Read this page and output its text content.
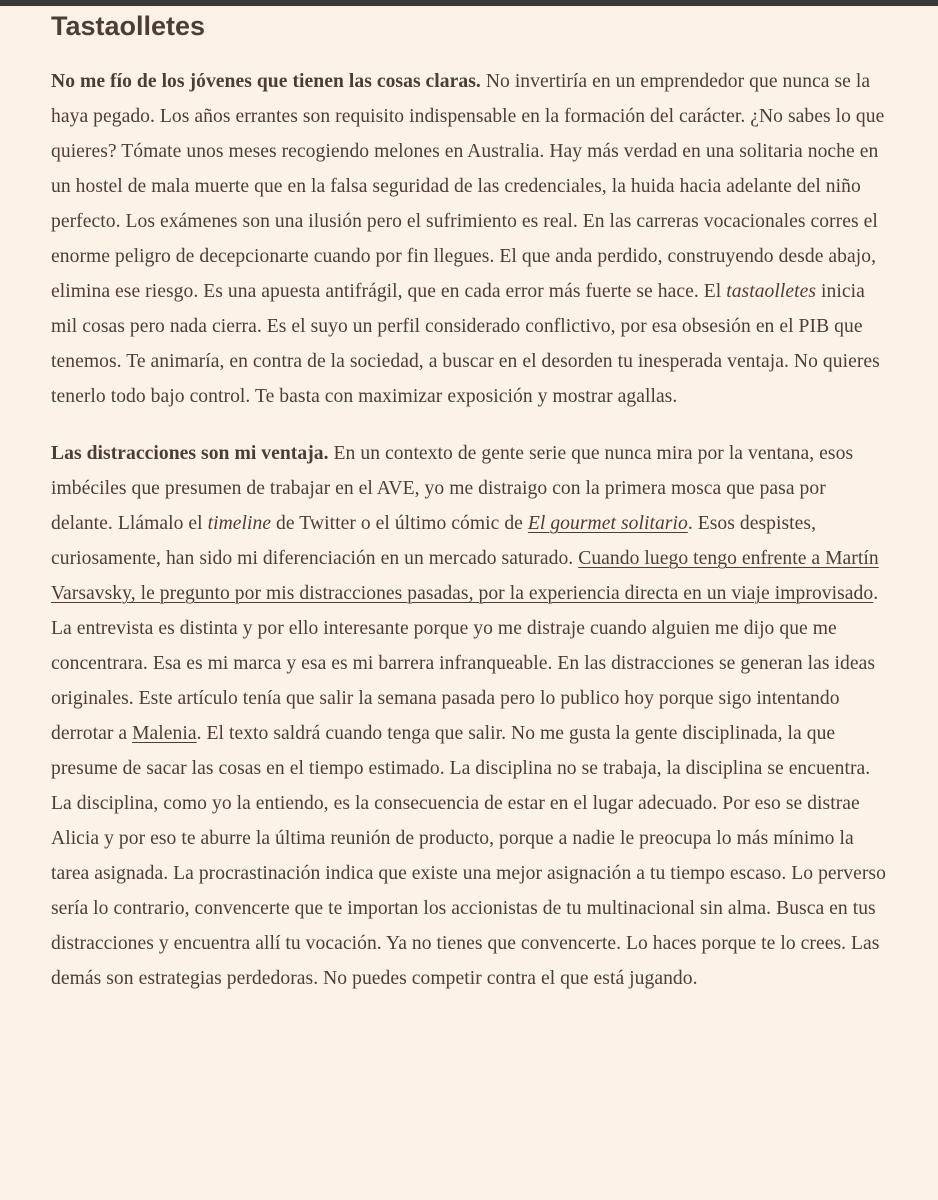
Tastaolletes

No me fío de los jóvenes que tienen las cosas claras. No invertiría en un emprendedor que nunca se la haya pegado. Los años errantes son requisito indispensable en la formación del carácter. ¿No sabes lo que quieres? Tómate unos meses recogiendo melones en Australia. Hay más verdad en una solitaria noche en un hostel de mala muerte que en la falsa seguridad de las credenciales, la huida hacia adelante del niño perfecto. Los exámenes son una ilusión pero el sufrimiento es real. En las carreras vocacionales corres el enorme peligro de decepcionarte cuando por fin llegues. El que anda perdido, construyendo desde abajo, elimina ese riesgo. Es una apuesta antifrágil, que en cada error más fuerte se hace. El tastaolletes inicia mil cosas pero nada cierra. Es el suyo un perfil considerado conflictivo, por esa obsesión en el PIB que tenemos. Te animaría, en contra de la sociedad, a buscar en el desorden tu inesperada ventaja. No quieres tenerlo todo bajo control. Te basta con maximizar exposición y mostrar agallas.

Las distracciones son mi ventaja. En un contexto de gente serie que nunca mira por la ventana, esos imbéciles que presumen de trabajar en el AVE, yo me distraigo con la primera mosca que pasa por delante. Llámalo el timeline de Twitter o el último cómic de El gourmet solitario. Esos despistes, curiosamente, han sido mi diferenciación en un mercado saturado. Cuando luego tengo enfrente a Martín Varsavsky, le pregunto por mis distracciones pasadas, por la experiencia directa en un viaje improvisado. La entrevista es distinta y por ello interesante porque yo me distraje cuando alguien me dijo que me concentrara. Esa es mi marca y esa es mi barrera infranqueable. En las distracciones se generan las ideas originales. Este artículo tenía que salir la semana pasada pero lo publico hoy porque sigo intentando derrotar a Malenia. El texto saldrá cuando tenga que salir. No me gusta la gente disciplinada, la que presume de sacar las cosas en el tiempo estimado. La disciplina no se trabaja, la disciplina se encuentra. La disciplina, como yo la entiendo, es la consecuencia de estar en el lugar adecuado. Por eso se distrae Alicia y por eso te aburre la última reunión de producto, porque a nadie le preocupa lo más mínimo la tarea asignada. La procrastinación indica que existe una mejor asignación a tu tiempo escaso. Lo perverso sería lo contrario, convencerte que te importan los accionistas de tu multinacional sin alma. Busca en tus distracciones y encuentra allí tu vocación. Ya no tienes que convencerte. Lo haces porque te lo crees. Las demás son estrategias perdedoras. No puedes competir contra el que está jugando.
